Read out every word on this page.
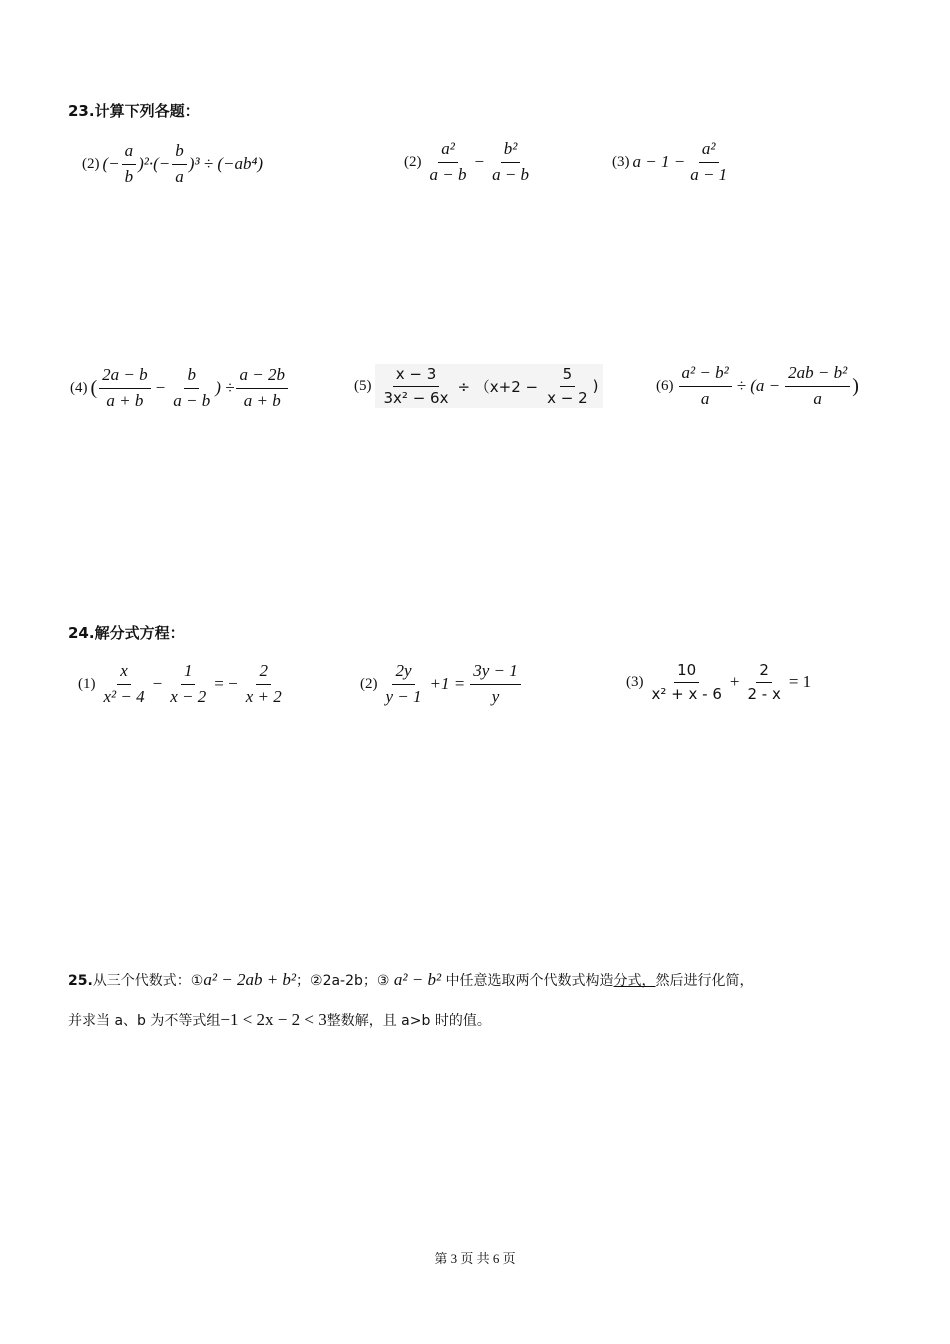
23.计算下列各题：
(2) (− $\frac{a}{b} )^2\cdot(- \frac{b}{a} )^3 \div (-ab^4)$	$(2) \frac{\text{a²}}{a - b} - \frac{\text{b²}}{a - b}$	(3) $a - 1 - \frac{\text{a²}}{a - 1}$
(4) ( $\frac{2a - b}{a + b} - \frac{b}{a - b}$ ) ÷ $\frac{a - 2b}{a + b}$	$(5) \frac{x - 3}{\text{3x² − 6x}} \div (x+2 - \frac{5}{x - 2}$ )	$(6) \frac{\text{a² − b²}}{a} \div (a - \frac{\text{2ab − b²}}{a}$ )
24.解分式方程：
$(1) \frac{x}{\text{x² − 4}} - \frac{1}{x - 2}$ = − $\frac{2}{x + 2}$	$(2) \frac{2y}{y - 1} +1 = \frac{3y - 1}{y}$	$(3) \frac{10}{\text{x² + x - 6}} + \frac{2}{2 - x} = 1$
25.从三个代数式：①a² − 2ab + b²；②2a-2b；③ a² − b² 中任意选取两个代数式构造分式，然后进行化简，
并求当 a、b 为不等式组−1 < 2x − 2 < 3整数解，且 a>b 时的值。
第 3 页 共 6 页
